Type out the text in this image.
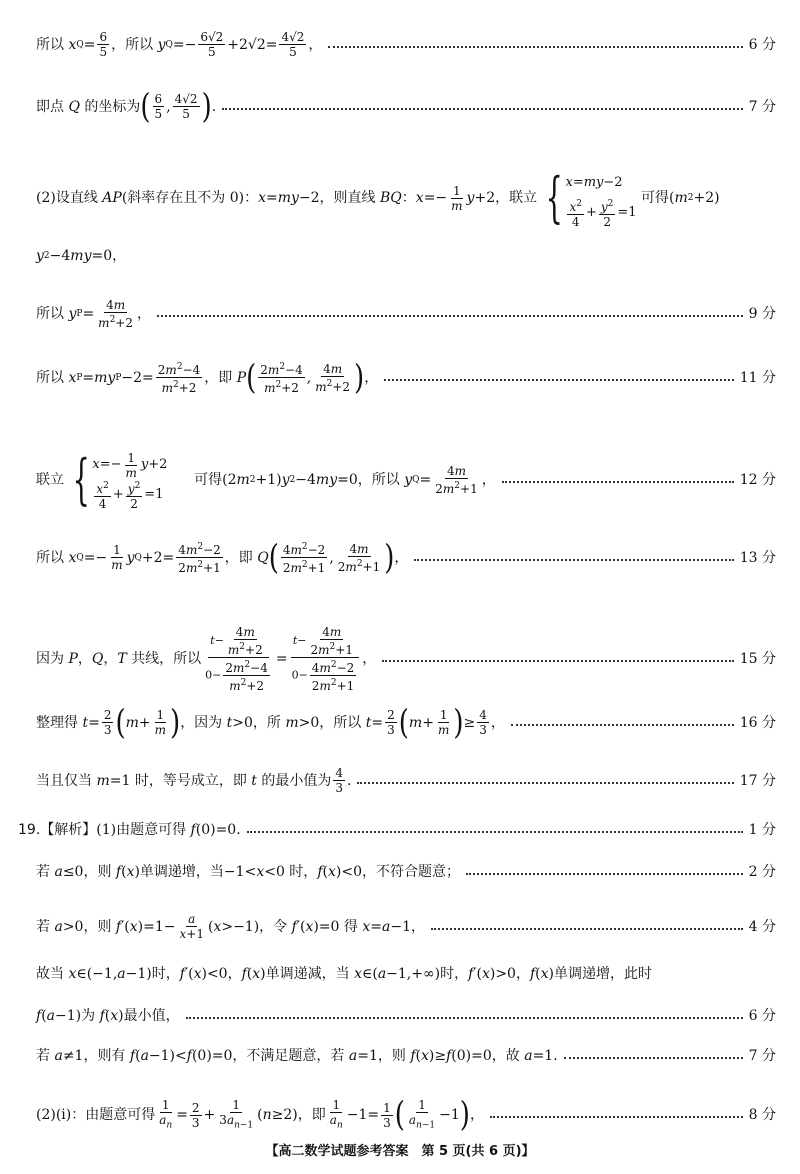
所以 x $Q = \frac{6}{5}$ ，所以 y $Q =- \frac{6√2}{5} +2√2= \frac{4√2}{5}$ ，	6 分
即点 Q 的坐标为 ( $\frac{6}{5}$ , $\frac{4√2}{5}$ ) .	7 分
(2)设直线 AP (斜率存在且不为 0)： x = my −2，则直线 BQ ： $x =- \frac{1}{m}$ y +2，联立 { x = my −2
$\frac{x^2}{4} + \frac{y^2}{2} =1$
可得( m 2 +2)
y 2 −4 my =0，
所以 y $P = \frac{4m}{m^2+2}$ ，	9 分
所以 x P = my $P -2= \frac{2m^2-4}{m^2+2}$ ，即 P ( $\frac{2m^2-4}{m^2+2}$ , $\frac{4m}{m^2+2}$ ) ，	11 分
联立 { $x =- \frac{1}{m}$ y +2
$\frac{x^2}{4} + \frac{y^2}{2} =1$
可得(2 m 2 +1) y 2 −4 my =0，所以 y $Q = \frac{4m}{2m^2+1}$ ，	12 分
所以 x $Q =- \frac{1}{m}$ y $Q +2= \frac{4m^2-2}{2m^2+1}$ ，即 Q ( $\frac{4m^2-2}{2m^2+1}$ , $\frac{4m}{2m^2+1}$ ) ，	13 分
因为 P ， Q ， T 共线，所以 $\frac{t- \frac{4m}{m^2+2}}{0- \frac{2m^2-4}{m^2+2}} = \frac{t- \frac{4m}{2m^2+1}}{0- \frac{4m^2-2}{2m^2+1}}$ ，	15 分
整理得 $t = \frac{2}{3}$ ( $m + \frac{1}{m}$ ) ，因为 t >0，所 m >0，所以 $t = \frac{2}{3}$ ( $m + \frac{1}{m}$ ) ≥ $\frac{4}{3}$ ，	16 分
当且仅当 m =1 时，等号成立，即 t 的最小值为 $\frac{4}{3}$ .	17 分
19. 【解析】(1)由题意可得 f (0)=0.	1 分
若 a ≤0，则 f ( x )单调递增，当−1< x <0 时， f ( x )<0，不符合题意；	2 分
若 a >0，则 f ′( x )$=1- \frac{a}{x+1}$ ( x >−1)，令 f ′( x )=0 得 x = a −1，	4 分
故当 x ∈(−1, a −1)时， f ′( x )<0， f ( x )单调递减，当 x ∈( a −1,+∞)时， f ′( x )>0， f ( x )单调递增，此时
f ( a −1)为 f ( x )最小值，	6 分
若 a ≠1，则有 f ( a −1)< f (0)=0，不满足题意，若 a =1，则 f ( x )≥ f (0)=0，故 a =1.	7 分
(2)(i)：由题意可得 $\frac{1}{a_n} = \frac{2}{3} + \frac{1}{3a_{n-1}}$ ( n ≥2)，即 $\frac{1}{a_n} -1= \frac{1}{3}$ ( $\frac{1}{a_{n-1}} -1$ ) ，	8 分
【高二数学试题参考答案　第 5 页(共 6 页)】
